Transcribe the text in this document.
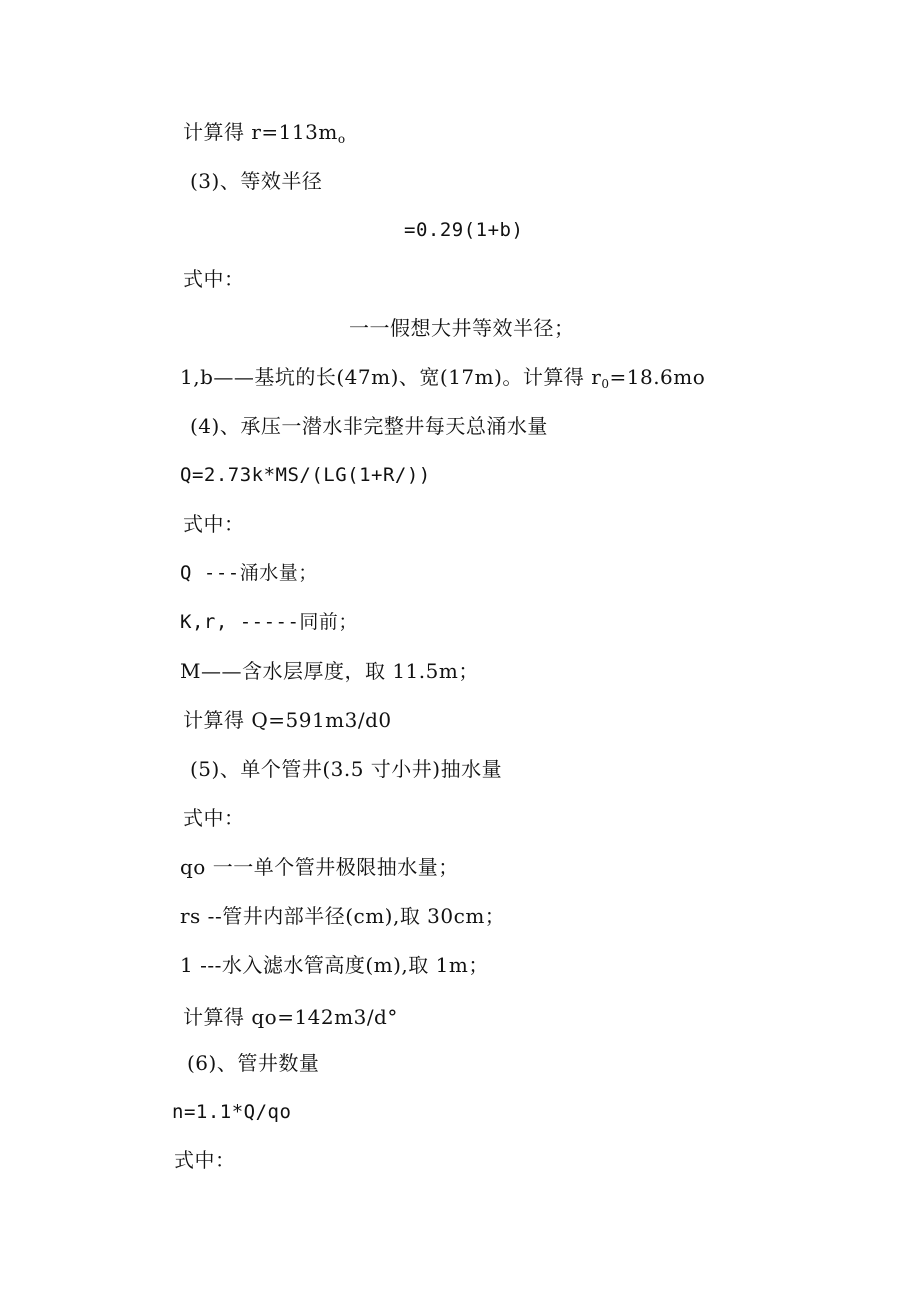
计算得 $r=113m_o$
(3)、等效半径
=0.29(1+b)
式中：
一一假想大井等效半径；
1,b——基坑的长(47m)、宽(17m)。计算得 $r_0=18.6mo$
(4)、承压一潜水非完整井每天总涌水量
Q=2.73k*MS/(LG(1+R/))
式中：
Q ---涌水量；
K,r, -----同前；
M——含水层厚度，取 11.5m；
计算得 Q=591m3/d0
(5)、单个管井(3.5 寸小井)抽水量
式中：
qo 一一单个管井极限抽水量；
rs --管井内部半径(cm),取 30cm；
1 ---水入滤水管高度(m),取 1m；
计算得 qo=142m3/d°
(6)、管井数量
n=1.1*Q/qo
式中：
